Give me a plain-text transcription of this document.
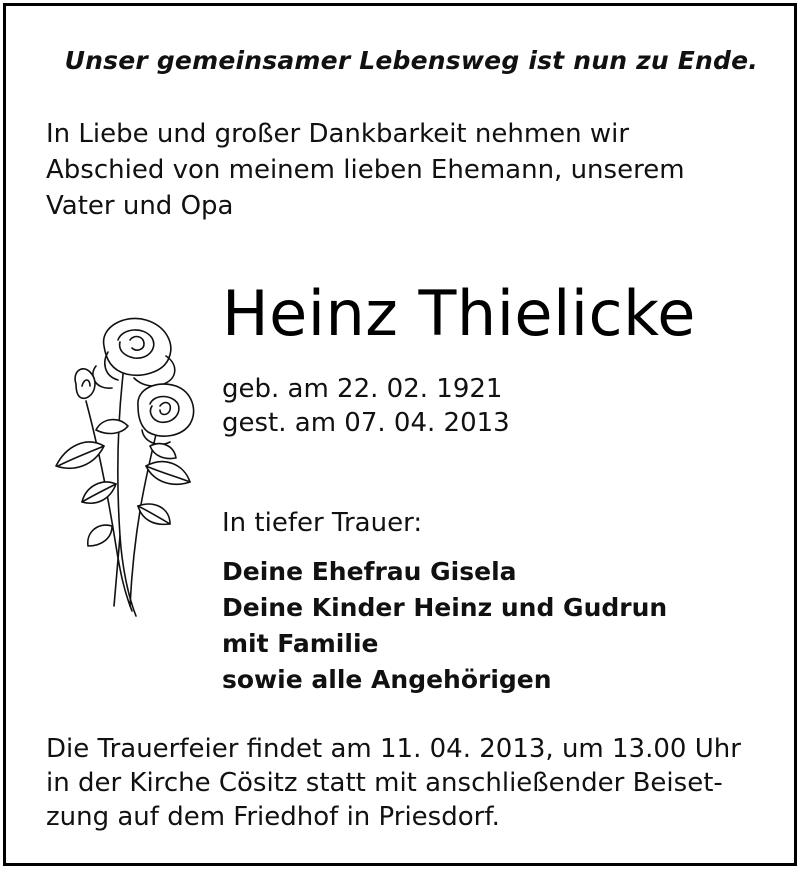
Unser gemeinsamer Lebensweg ist nun zu Ende.
In Liebe und großer Dankbarkeit nehmen wir
Abschied von meinem lieben Ehemann, unserem
Vater und Opa
Heinz Thielicke
geb. am 22. 02. 1921
gest. am 07. 04. 2013
In tiefer Trauer:
Deine Ehefrau Gisela
Deine Kinder Heinz und Gudrun
mit Familie
sowie alle Angehörigen
Die Trauerfeier findet am 11. 04. 2013, um 13.00 Uhr
in der Kirche Cösitz statt mit anschließender Beiset-
zung auf dem Friedhof in Priesdorf.
